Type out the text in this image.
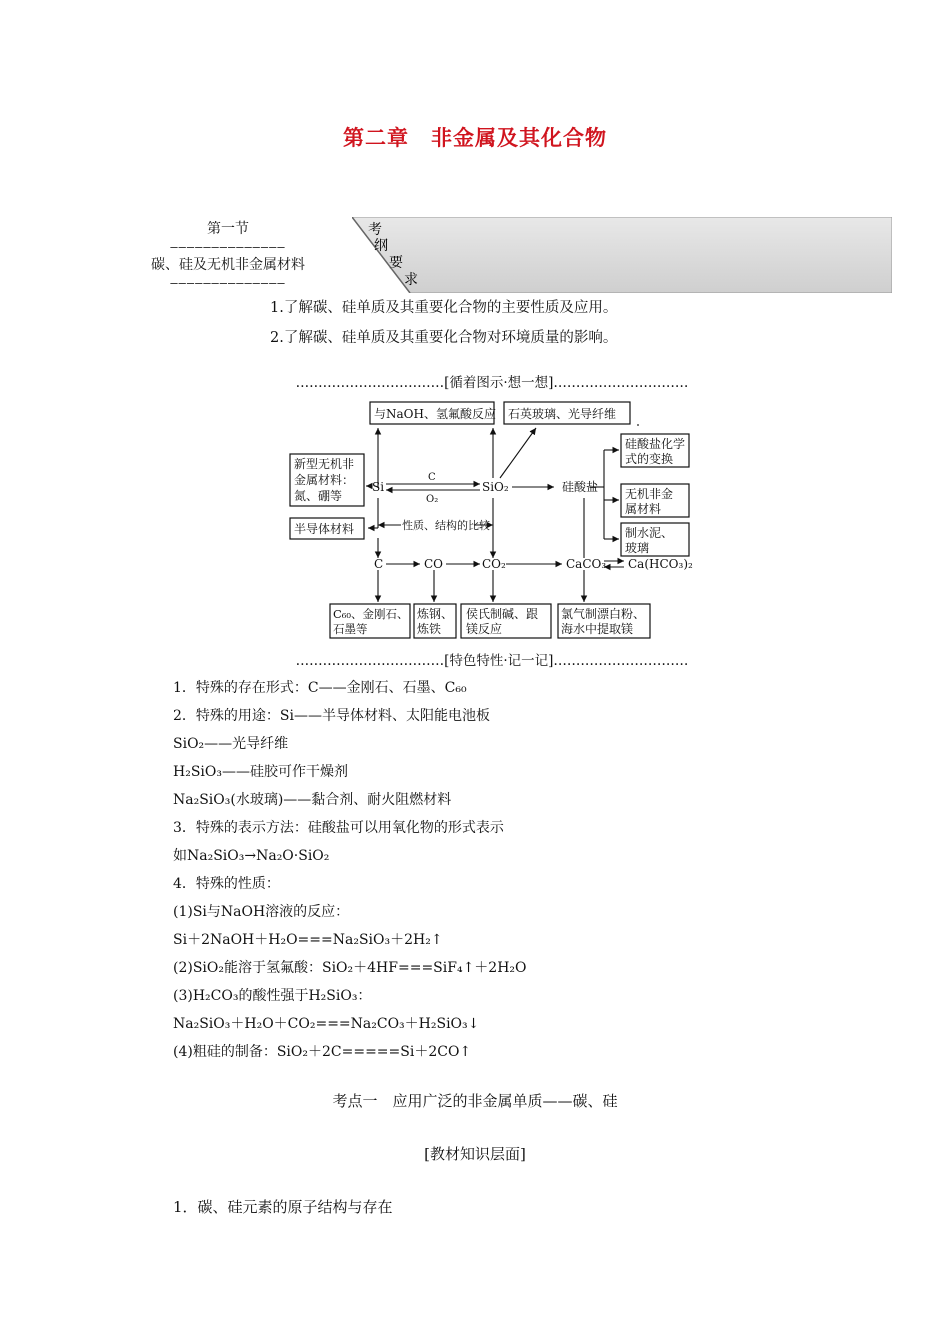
第二章　非金属及其化合物
第一节
——————————————
碳、硅及无机非金属材料
——————————————
考
纲
要
求
1.了解碳、硅单质及其重要化合物的主要性质及应用。
2.了解碳、硅单质及其重要化合物对环境质量的影响。
……………………………[循着图示·想一想]…………………………
与NaOH、氢氟酸反应 石英玻璃、光导纤维
硅酸盐化学
式的变换
新型无机非
金属材料：
氮、硼等
半导体材料
无机非金
属材料
制水泥、
玻璃
Si	SiO₂	硅酸盐
C
O₂
性质、结构的比较
C	CO	CO₂	CaCO₃ Ca(HCO₃)₂
C₆₀、金刚石、
石墨等
炼钢、
炼铁
侯氏制碱、跟
镁反应
氯气制漂白粉、
海水中提取镁
……………………………[特色特性·记一记]…………………………
1．特殊的存在形式：C——金刚石、石墨、C₆₀
2．特殊的用途：Si——半导体材料、太阳能电池板
SiO₂——光导纤维
H₂SiO₃——硅胶可作干燥剂
Na₂SiO₃(水玻璃)——黏合剂、耐火阻燃材料
3．特殊的表示方法：硅酸盐可以用氧化物的形式表示
如Na₂SiO₃→Na₂O·SiO₂
4．特殊的性质：
(1)Si与NaOH溶液的反应：
Si＋2NaOH＋H₂O===Na₂SiO₃＋2H₂↑
(2)SiO₂能溶于氢氟酸：SiO₂＋4HF===SiF₄↑＋2H₂O
(3)H₂CO₃的酸性强于H₂SiO₃：
Na₂SiO₃＋H₂O＋CO₂===Na₂CO₃＋H₂SiO₃↓
(4)粗硅的制备：SiO₂＋2C=====Si＋2CO↑
考点一　应用广泛的非金属单质——碳、硅
[教材知识层面]
1．碳、硅元素的原子结构与存在
